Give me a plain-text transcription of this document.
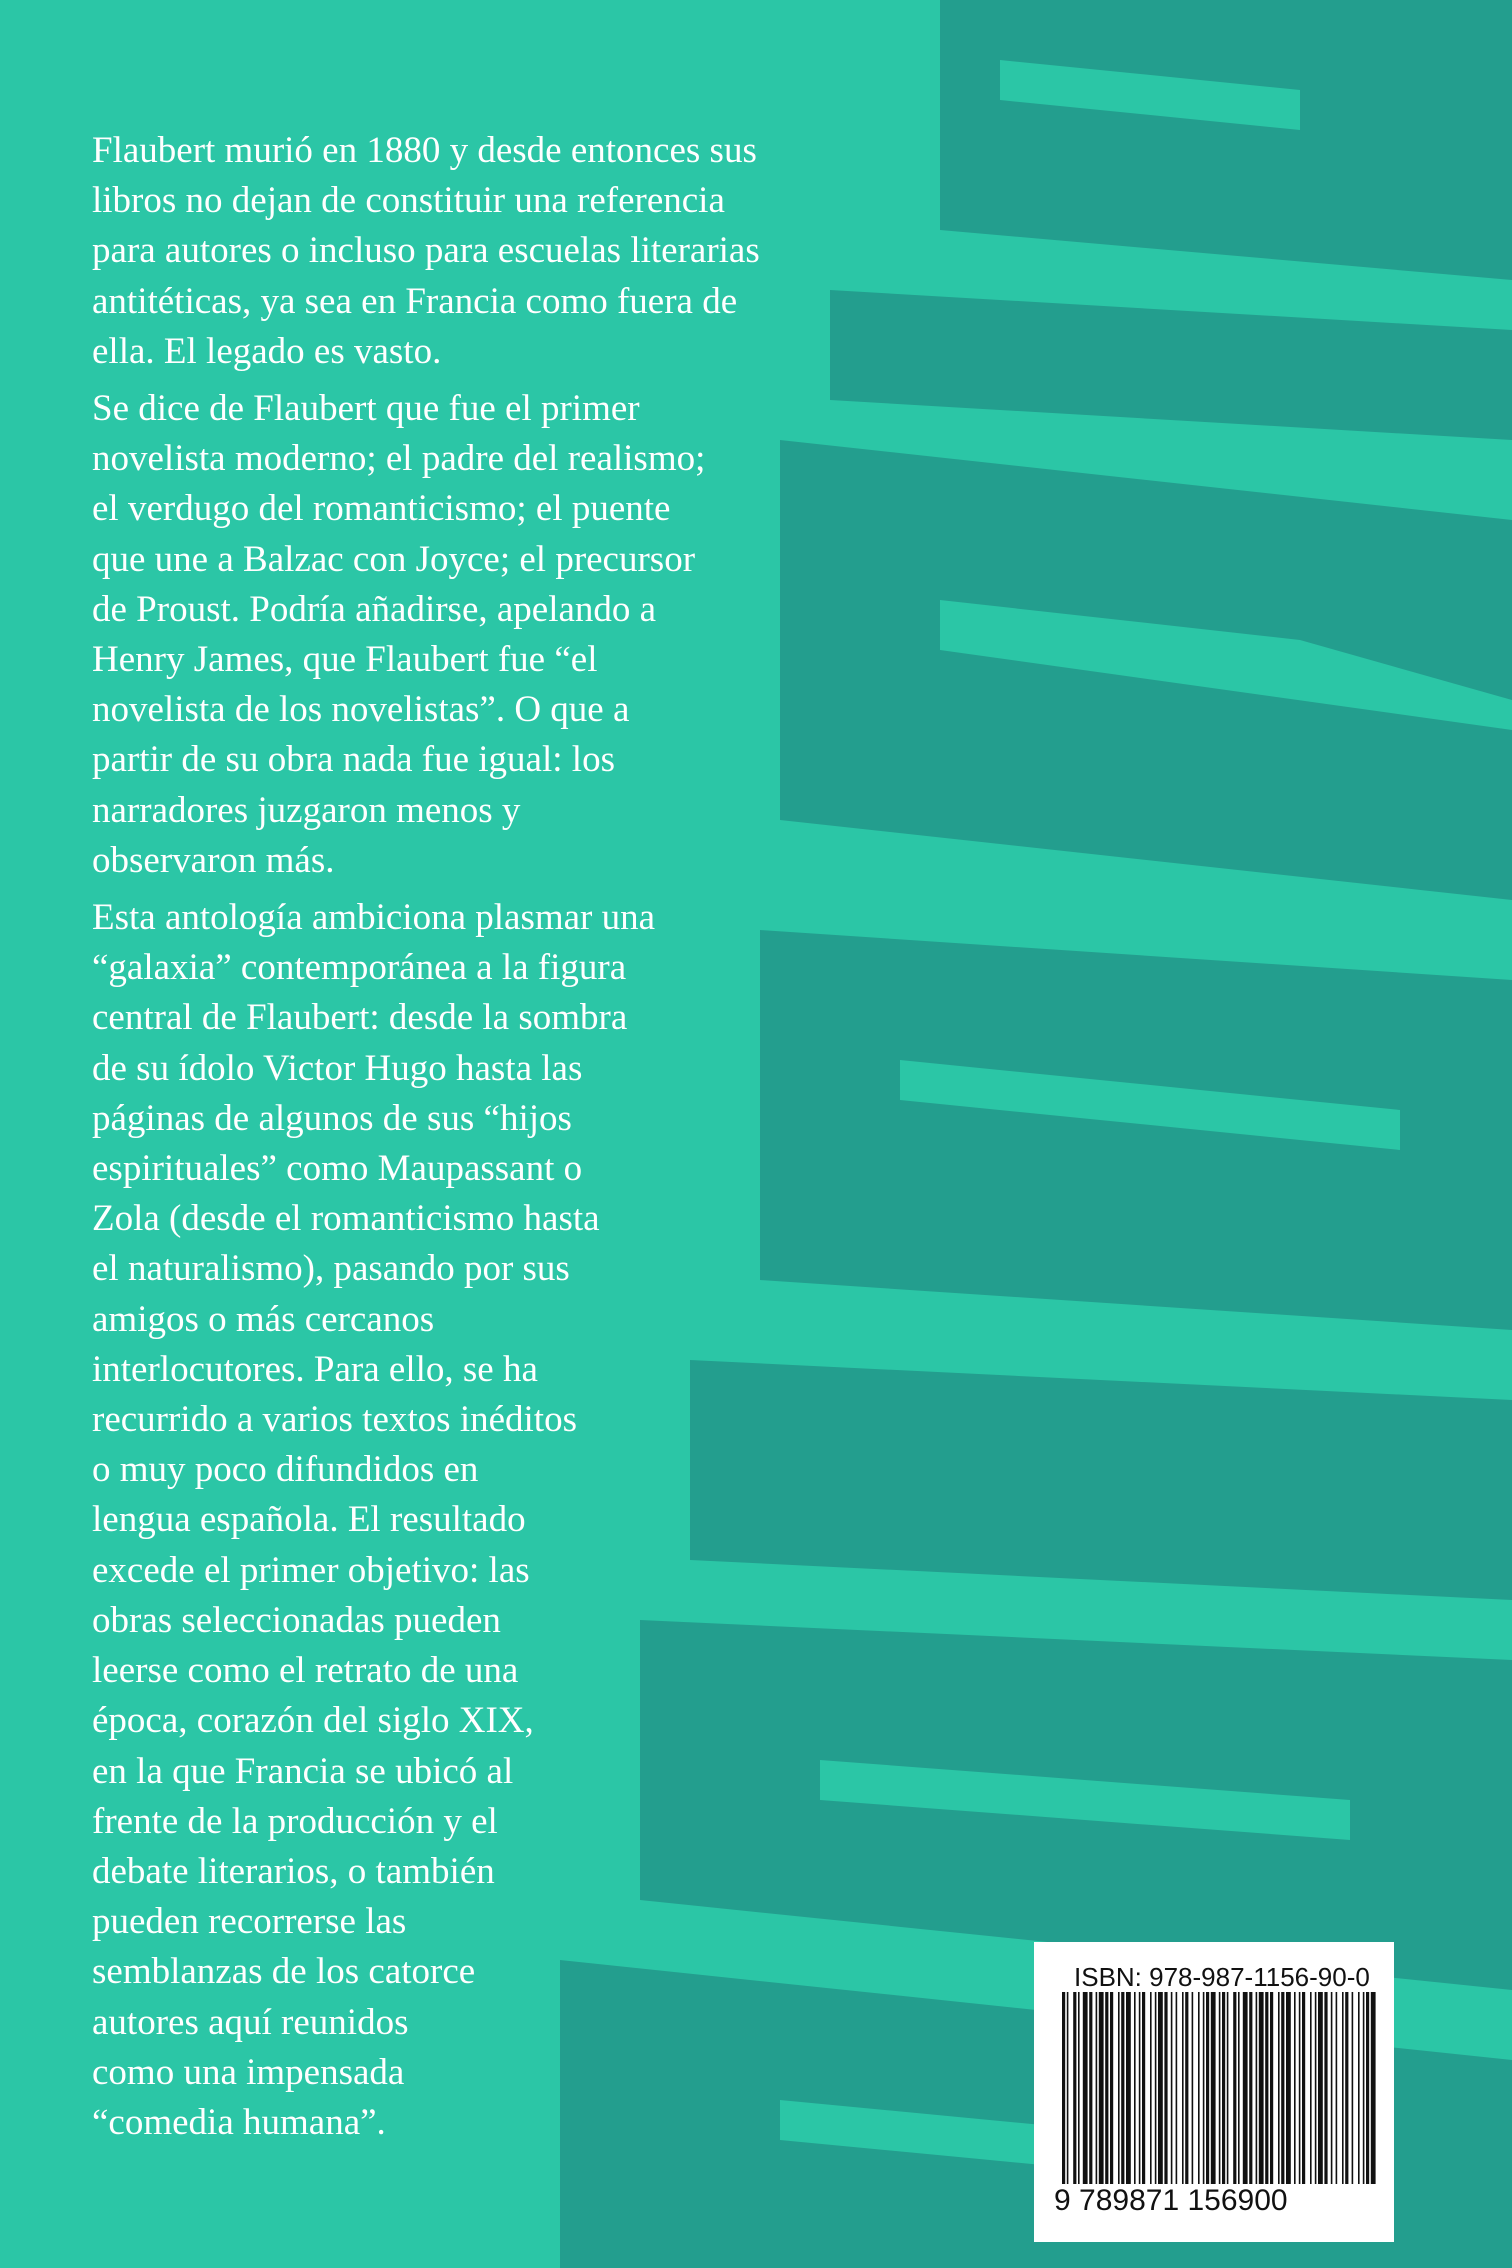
Flaubert murió en 1880 y desde entonces sus
libros no dejan de constituir una referencia
para autores o incluso para escuelas literarias
antitéticas, ya sea en Francia como fuera de
ella. El legado es vasto.

Se dice de Flaubert que fue el primer
novelista moderno; el padre del realismo;
el verdugo del romanticismo; el puente
que une a Balzac con Joyce; el precursor
de Proust. Podría añadirse, apelando a
Henry James, que Flaubert fue “el
novelista de los novelistas”. O que a
partir de su obra nada fue igual: los
narradores juzgaron menos y
observaron más.

Esta antología ambiciona plasmar una
“galaxia” contemporánea a la figura
central de Flaubert: desde la sombra
de su ídolo Victor Hugo hasta las
páginas de algunos de sus “hijos
espirituales” como Maupassant o
Zola (desde el romanticismo hasta
el naturalismo), pasando por sus
amigos o más cercanos
interlocutores. Para ello, se ha
recurrido a varios textos inéditos
o muy poco difundidos en
lengua española. El resultado
excede el primer objetivo: las
obras seleccionadas pueden
leerse como el retrato de una
época, corazón del siglo XIX,
en la que Francia se ubicó al
frente de la producción y el
debate literarios, o también
pueden recorrerse las
semblanzas de los catorce
autores aquí reunidos
como una impensada
“comedia humana”.

ISBN: 978-987-1156-90-0
9 789871 156900
